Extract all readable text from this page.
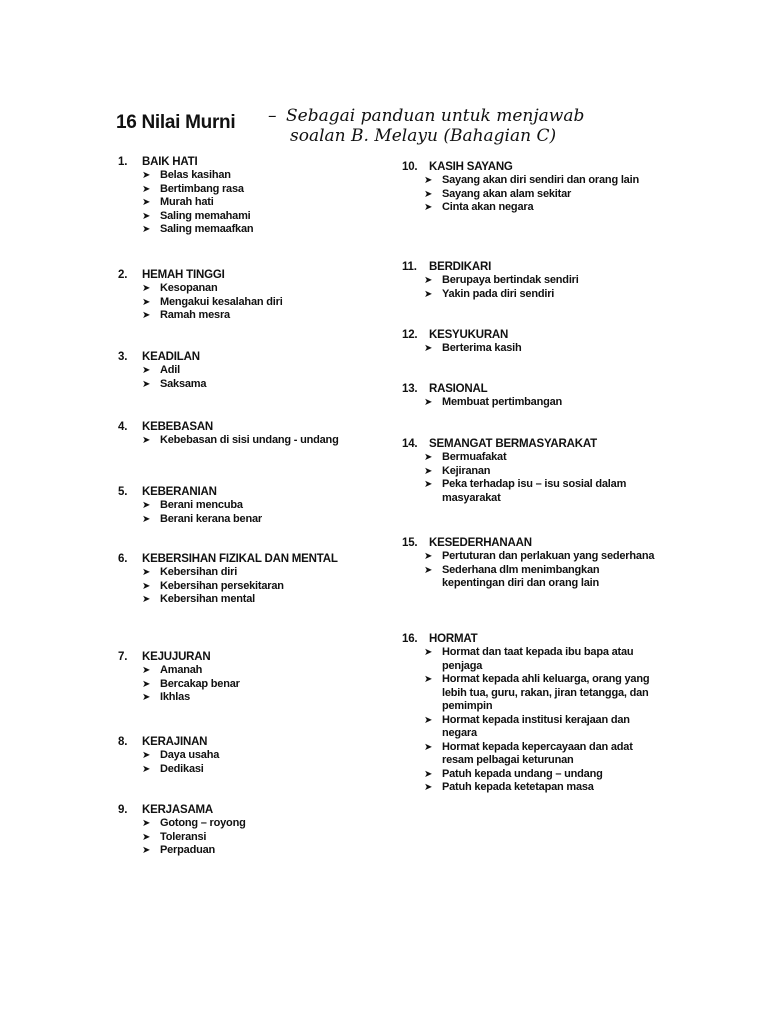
16 Nilai Murni – Sebagai panduan untuk menjawab
soalan B. Melayu (Bahagian C)
1.	BAIK HATI
➤ Belas kasihan
➤ Bertimbang rasa
➤ Murah hati
➤ Saling memahami
➤ Saling memaafkan
2.	HEMAH TINGGI
➤ Kesopanan
➤ Mengakui kesalahan diri
➤ Ramah mesra
3.	KEADILAN
➤ Adil
➤ Saksama
4.	KEBEBASAN
➤ Kebebasan di sisi undang - undang
5.	KEBERANIAN
➤ Berani mencuba
➤ Berani kerana benar
6.	KEBERSIHAN FIZIKAL DAN MENTAL
➤ Kebersihan diri
➤ Kebersihan persekitaran
➤ Kebersihan mental
7.	KEJUJURAN
➤ Amanah
➤ Bercakap benar
➤ Ikhlas
8.	KERAJINAN
➤ Daya usaha
➤ Dedikasi
9.	KERJASAMA
➤ Gotong – royong
➤ Toleransi
➤ Perpaduan
10.	KASIH SAYANG
➤ Sayang akan diri sendiri dan orang lain
➤ Sayang akan alam sekitar
➤ Cinta akan negara
11.	BERDIKARI
➤ Berupaya bertindak sendiri
➤ Yakin pada diri sendiri
12.	KESYUKURAN
➤ Berterima kasih
13.	RASIONAL
➤ Membuat pertimbangan
14.	SEMANGAT BERMASYARAKAT
➤ Bermuafakat
➤ Kejiranan
➤ Peka terhadap isu – isu sosial dalam masyarakat
15.	KESEDERHANAAN
➤ Pertuturan dan perlakuan yang sederhana
➤ Sederhana dlm menimbangkan kepentingan diri dan orang lain
16.	HORMAT
➤ Hormat dan taat kepada ibu bapa atau penjaga
➤ Hormat kepada ahli keluarga, orang yang lebih tua, guru, rakan, jiran tetangga, dan pemimpin
➤ Hormat kepada institusi kerajaan dan negara
➤ Hormat kepada kepercayaan dan adat resam pelbagai keturunan
➤ Patuh kepada undang – undang
➤ Patuh kepada ketetapan masa
